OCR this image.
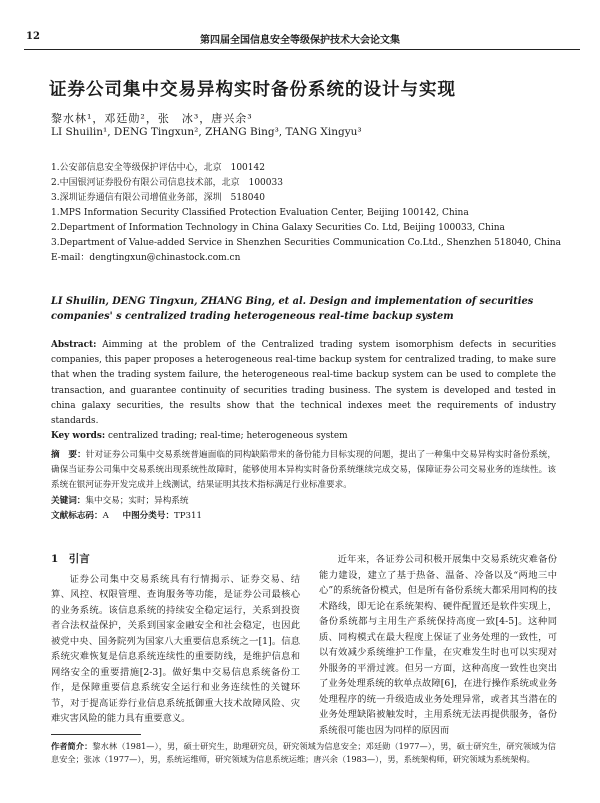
12	第四届全国信息安全等级保护技术大会论文集
证券公司集中交易异构实时备份系统的设计与实现
黎水林¹，邓廷勋²，张　冰³，唐兴余³
LI Shuilin¹, DENG Tingxun², ZHANG Bing³, TANG Xingyu³
1.公安部信息安全等级保护评估中心，北京　100142
2.中国银河证券股份有限公司信息技术部，北京　100033
3.深圳证券通信有限公司增值业务部，深圳　518040
1.MPS Information Security Classified Protection Evaluation Center, Beijing 100142, China
2.Department of Information Technology in China Galaxy Securities Co. Ltd, Beijing 100033, China
3.Department of Value-added Service in Shenzhen Securities Communication Co.Ltd., Shenzhen 518040, China
E-mail：dengtingxun@chinastock.com.cn
LI Shuilin, DENG Tingxun, ZHANG Bing, et al. Design and implementation of securities companies' s centralized trading heterogeneous real-time backup system
Abstract: Aimming at the problem of the Centralized trading system isomorphism defects in securities companies, this paper proposes a heterogeneous real-time backup system for centralized trading, to make sure that when the trading system failure, the heterogeneous real-time backup system can be used to complete the transaction, and guarantee continuity of securities trading business. The system is developed and tested in china galaxy securities, the results show that the technical indexes meet the requirements of industry standards.
Key words: centralized trading; real-time; heterogeneous system
摘　要：针对证券公司集中交易系统普遍面临的同构缺陷带来的备份能力目标实现的问题，提出了一种集中交易异构实时备份系统，确保当证券公司集中交易系统出现系统性故障时，能够使用本异构实时备份系统继续完成交易，保障证券公司交易业务的连续性。该系统在银河证券开发完成并上线测试，结果证明其技术指标满足行业标准要求。
关键词：集中交易；实时；异构系统
文献标志码：A 中图分类号：TP311
1　引言
证券公司集中交易系统具有行情揭示、证券交易、结算、风控、权限管理、查询服务等功能，是证券公司最核心的业务系统。该信息系统的持续安全稳定运行，关系到投资者合法权益保护，关系到国家金融安全和社会稳定，也因此被党中央、国务院列为国家八大重要信息系统之一[1]。信息系统灾难恢复是信息系统连续性的重要防线，是维护信息和网络安全的重要措施[2-3]。做好集中交易信息系统备份工作，是保障重要信息系统安全运行和业务连续性的关键环节，对于提高证券行业信息系统抵御重大技术故障风险、灾难灾害风险的能力具有重要意义。
近年来，各证券公司积极开展集中交易系统灾难备份能力建设，建立了基于热备、温备、冷备以及“两地三中心”的系统备份模式，但是所有备份系统大都采用同构的技术路线，即无论在系统架构、硬件配置还是软件实现上，备份系统都与主用生产系统保持高度一致[4-5]。这种同质、同构模式在最大程度上保证了业务处理的一致性，可以有效减少系统维护工作量，在灾难发生时也可以实现对外服务的平滑过渡。但另一方面，这种高度一致性也突出了业务处理系统的软单点故障[6]，在进行操作系统或业务处理程序的统一升级造成业务处理异常，或者其当潜在的业务处理缺陷被触发时，主用系统无法再提供服务，备份系统很可能也因为同样的原因而
作者简介：黎水林（1981—），男，硕士研究生，助理研究员，研究领域为信息安全；邓廷勋（1977—），男，硕士研究生，研究领域为信息安全；张冰（1977—），男，系统运维师，研究领域为信息系统运维；唐兴余（1983—），男，系统架构师，研究领域为系统架构。
